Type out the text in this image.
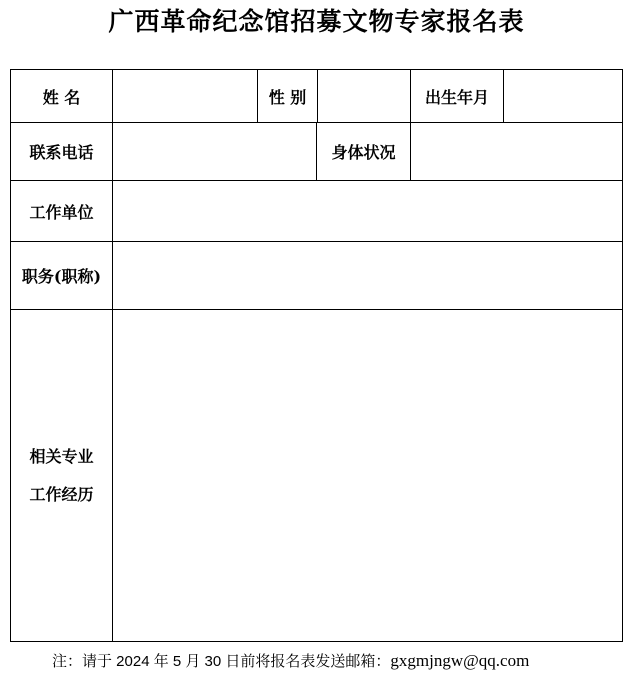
广西革命纪念馆招募文物专家报名表
姓 名	性 别	出生年月
联系电话	身体状况
工作单位
职务(职称)
相关专业
工作经历
注：请于 2024 年 5 月 30 日前将报名表发送邮箱：gxgmjngw@qq.com
